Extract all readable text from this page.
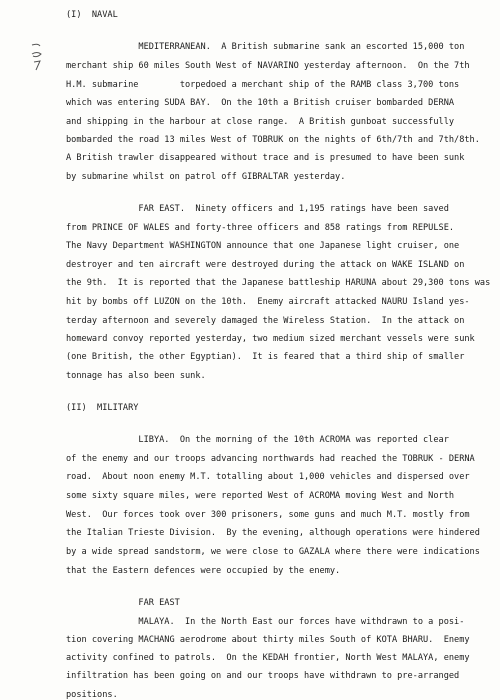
(I)  NAVAL
MEDITERRANEAN.  A British submarine sank an escorted 15,000 ton
merchant ship 60 miles South West of NAVARINO yesterday afternoon.  On the 7th
H.M. submarine        torpedoed a merchant ship of the RAMB class 3,700 tons
which was entering SUDA BAY.  On the 10th a British cruiser bombarded DERNA
and shipping in the harbour at close range.  A British gunboat successfully
bombarded the road 13 miles West of TOBRUK on the nights of 6th/7th and 7th/8th.
A British trawler disappeared without trace and is presumed to have been sunk
by submarine whilst on patrol off GIBRALTAR yesterday.
FAR EAST.  Ninety officers and 1,195 ratings have been saved
from PRINCE OF WALES and forty-three officers and 858 ratings from REPULSE.
The Navy Department WASHINGTON announce that one Japanese light cruiser, one
destroyer and ten aircraft were destroyed during the attack on WAKE ISLAND on
the 9th.  It is reported that the Japanese battleship HARUNA about 29,300 tons was
hit by bombs off LUZON on the 10th.  Enemy aircraft attacked NAURU Island yes-
terday afternoon and severely damaged the Wireless Station.  In the attack on
homeward convoy reported yesterday, two medium sized merchant vessels were sunk
(one British, the other Egyptian).  It is feared that a third ship of smaller
tonnage has also been sunk.
(II)  MILITARY
LIBYA.  On the morning of the 10th ACROMA was reported clear
of the enemy and our troops advancing northwards had reached the TOBRUK - DERNA
road.  About noon enemy M.T. totalling about 1,000 vehicles and dispersed over
some sixty square miles, were reported West of ACROMA moving West and North
West.  Our forces took over 300 prisoners, some guns and much M.T. mostly from
the Italian Trieste Division.  By the evening, although operations were hindered
by a wide spread sandstorm, we were close to GAZALA where there were indications
that the Eastern defences were occupied by the enemy.
FAR EAST
MALAYA.  In the North East our forces have withdrawn to a posi-
tion covering MACHANG aerodrome about thirty miles South of KOTA BHARU.  Enemy
activity confined to patrols.  On the KEDAH frontier, North West MALAYA, enemy
infiltration has been going on and our troops have withdrawn to pre-arranged
positions.
